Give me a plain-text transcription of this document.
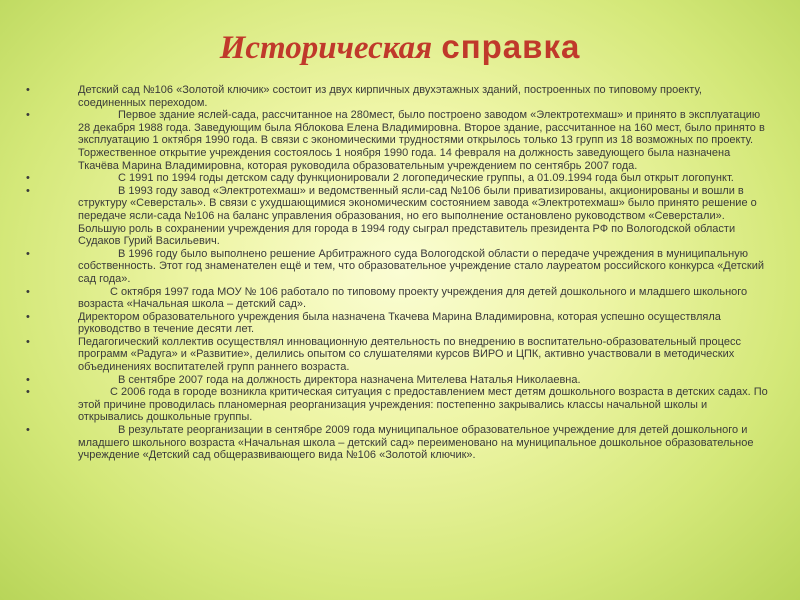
Историческая справка
•	Детский сад №106 «Золотой ключик» состоит из двух кирпичных двухэтажных зданий, построенных по типовому проекту, соединенных переходом.
•	Первое здание яслей-сада, рассчитанное на 280мест, было построено заводом «Электротехмаш» и принято в эксплуатацию 28 декабря 1988 года. Заведующим была Яблокова Елена Владимировна. Второе здание, рассчитанное на 160 мест, было принято в эксплуатацию 1 октября 1990 года. В связи с экономическими трудностями открылось только 13 групп из 18 возможных по проекту. Торжественное открытие учреждения состоялось 1 ноября 1990 года. 14 февраля на должность заведующего была назначена Ткачёва Марина Владимировна, которая руководила образовательным учреждением по сентябрь 2007 года.
•	С 1991 по 1994 годы детском саду функционировали 2 логопедические группы, а 01.09.1994 года был открыт логопункт.
•	В 1993 году завод «Электротехмаш» и ведомственный ясли-сад №106 были приватизированы, акционированы и вошли в структуру «Северсталь». В связи с ухудшающимися экономическим состоянием завода «Электротехмаш» было принято решение о передаче ясли-сада №106 на баланс управления образования, но его выполнение остановлено руководством «Северстали». Большую роль в сохранении учреждения для города в 1994 году сыграл представитель президента РФ по Вологодской области Судаков Гурий Васильевич.
•	В 1996 году было выполнено решение Арбитражного суда Вологодской области о передаче учреждения в муниципальную собственность. Этот год знаменателен ещё и тем, что образовательное учреждение стало лауреатом российского конкурса «Детский сад года».
•	С октября 1997 года МОУ № 106 работало по типовому проекту учреждения для детей дошкольного и младшего школьного возраста «Начальная школа – детский сад».
•	Директором образовательного учреждения была назначена Ткачева Марина Владимировна, которая успешно осуществляла руководство в течение десяти лет.
•	Педагогический коллектив осуществлял инновационную деятельность по внедрению в воспитательно-образовательный процесс программ «Радуга» и «Развитие», делились опытом со слушателями курсов ВИРО и ЦПК, активно участвовали в методических объединениях воспитателей групп раннего возраста.
•	В сентябре 2007 года на должность директора назначена Мителева Наталья Николаевна.
•	С 2006 года в городе возникла критическая ситуация с предоставлением мест детям дошкольного возраста в детских садах. По этой причине проводилась планомерная реорганизация учреждения: постепенно закрывались классы начальной школы и открывались дошкольные группы.
•	В результате реорганизации в сентябре 2009 года муниципальное образовательное учреждение для детей дошкольного и младшего школьного возраста «Начальная школа – детский сад» переименовано на муниципальное дошкольное образовательное учреждение «Детский сад общеразвивающего вида №106 «Золотой ключик».
